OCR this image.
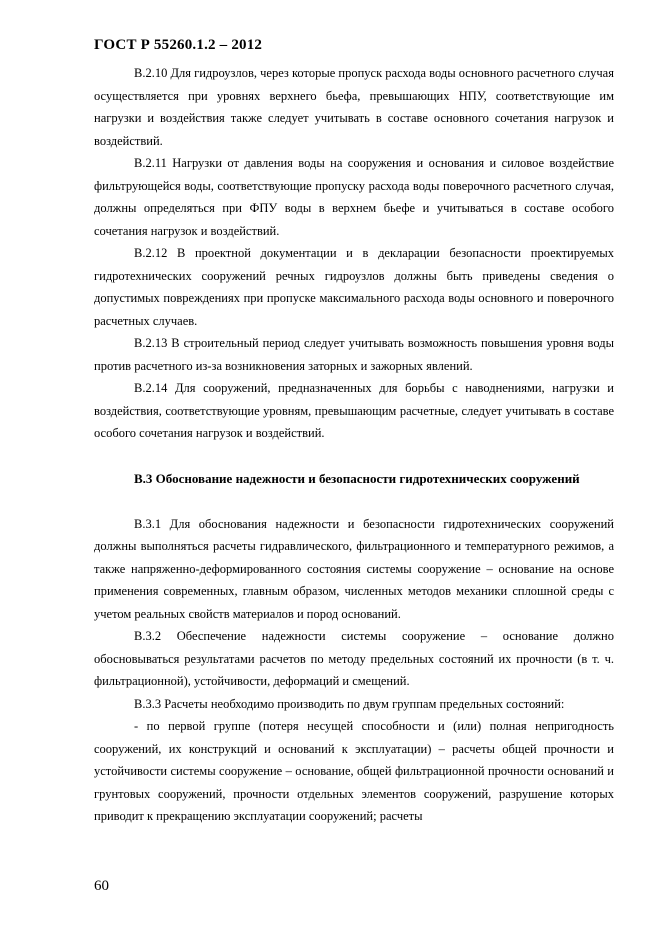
ГОСТ Р 55260.1.2 – 2012

В.2.10 Для гидроузлов, через которые пропуск расхода воды основного расчетного случая осуществляется при уровнях верхнего бьефа, превышающих НПУ, соответствующие им нагрузки и воздействия также следует учитывать в составе основного сочетания нагрузок и воздействий.

В.2.11 Нагрузки от давления воды на сооружения и основания и силовое воздействие фильтрующейся воды, соответствующие пропуску расхода воды поверочного расчетного случая, должны определяться при ФПУ воды в верхнем бьефе и учитываться в составе особого сочетания нагрузок и воздействий.

В.2.12 В проектной документации и в декларации безопасности проектируемых гидротехнических сооружений речных гидроузлов должны быть приведены сведения о допустимых повреждениях при пропуске максимального расхода воды основного и поверочного расчетных случаев.

В.2.13 В строительный период следует учитывать возможность повышения уровня воды против расчетного из-за возникновения заторных и зажорных явлений.

В.2.14 Для сооружений, предназначенных для борьбы с наводнениями, нагрузки и воздействия, соответствующие уровням, превышающим расчетные, следует учитывать в составе особого сочетания нагрузок и воздействий.

В.3 Обоснование надежности и безопасности гидротехнических сооружений

В.3.1 Для обоснования надежности и безопасности гидротехнических сооружений должны выполняться расчеты гидравлического, фильтрационного и температурного режимов, а также напряженно-деформированного состояния системы сооружение – основание на основе применения современных, главным образом, численных методов механики сплошной среды с учетом реальных свойств материалов и пород оснований.

В.3.2 Обеспечение надежности системы сооружение – основание должно обосновываться результатами расчетов по методу предельных состояний их прочности (в т. ч. фильтрационной), устойчивости, деформаций и смещений.

В.3.3 Расчеты необходимо производить по двум группам предельных состояний:

- по первой группе (потеря несущей способности и (или) полная непригодность сооружений, их конструкций и оснований к эксплуатации) – расчеты общей прочности и устойчивости системы сооружение – основание, общей фильтрационной прочности оснований и грунтовых сооружений, прочности отдельных элементов сооружений, разрушение которых приводит к прекращению эксплуатации сооружений; расчеты

60
